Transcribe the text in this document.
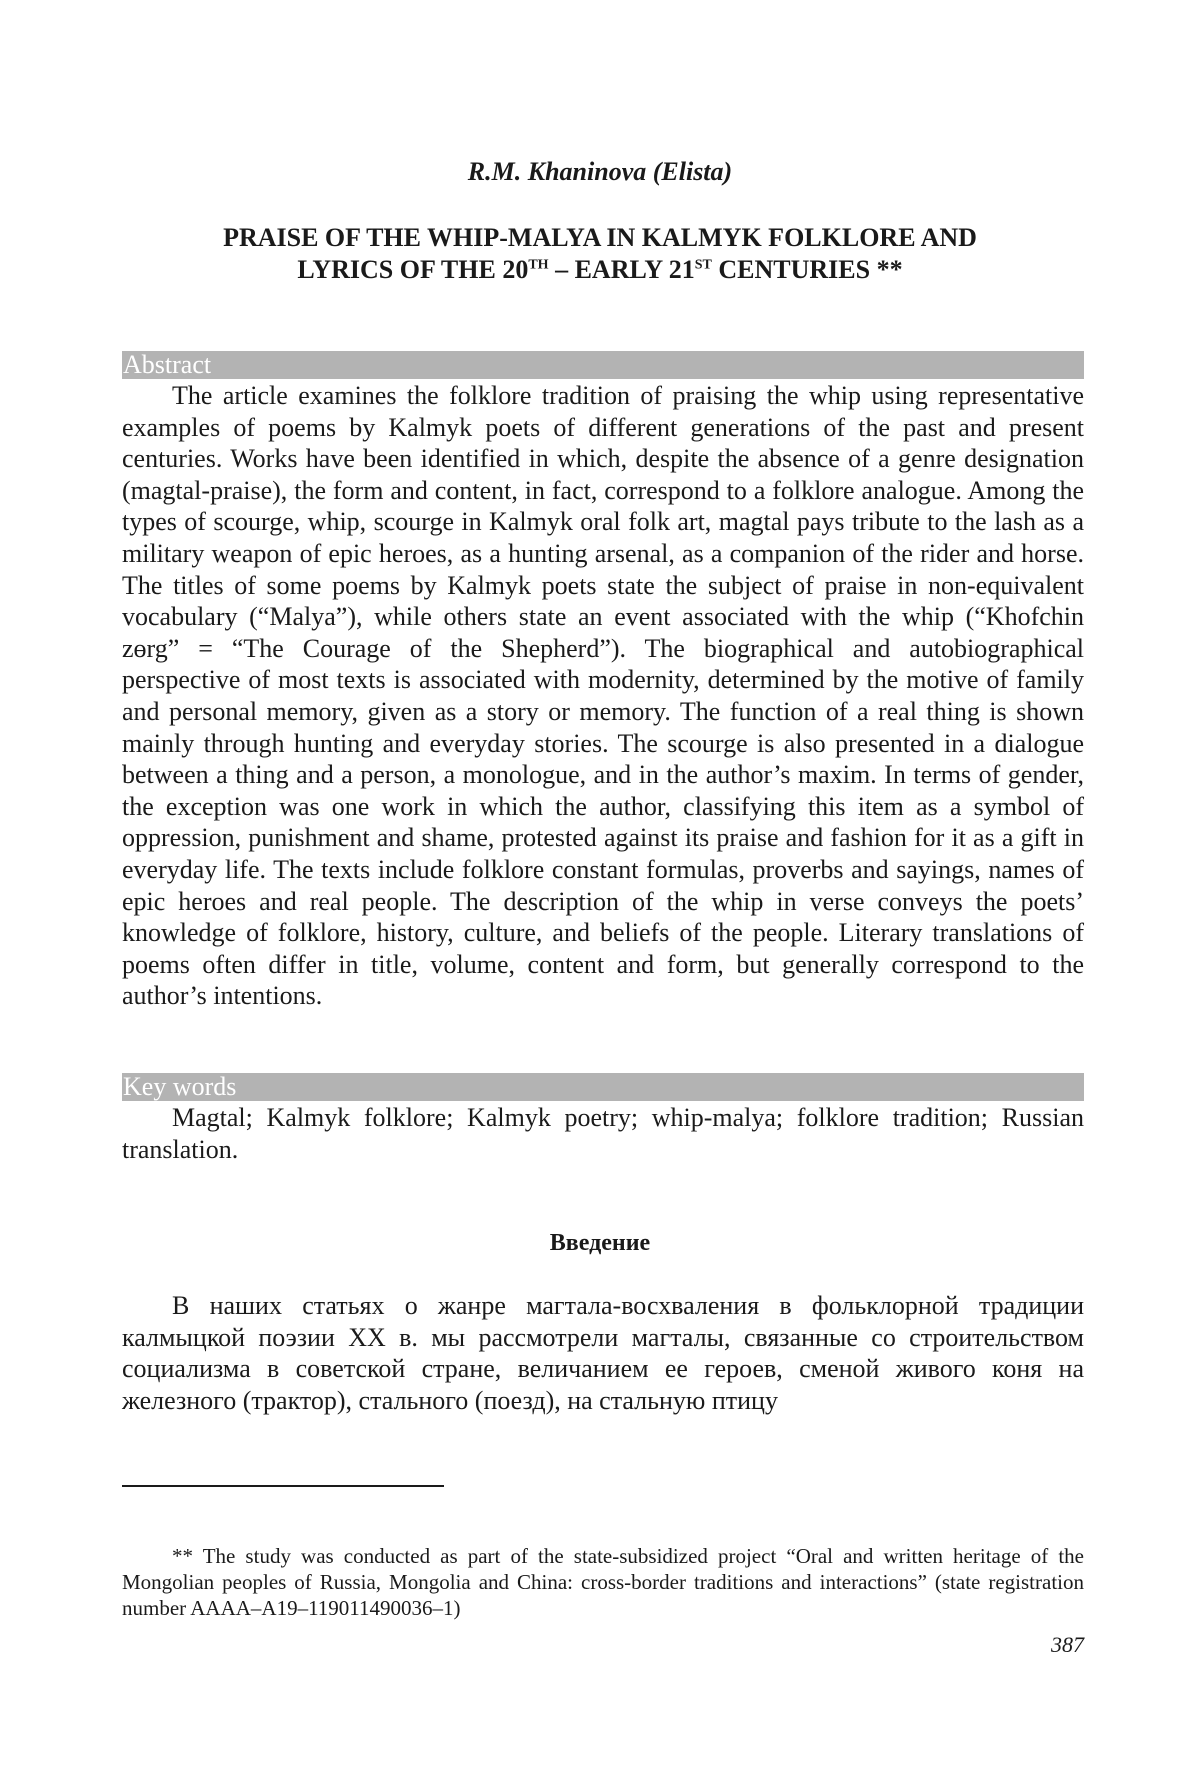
R.M. Khaninova (Elista)
PRAISE OF THE WHIP-MALYA IN KALMYK FOLKLORE AND
LYRICS OF THE 20TH – EARLY 21ST CENTURIES **
Abstract

The article examines the folklore tradition of praising the whip using representative examples of poems by Kalmyk poets of different generations of the past and present centuries. Works have been identified in which, despite the absence of a genre designation (magtal-praise), the form and content, in fact, correspond to a folklore analogue. Among the types of scourge, whip, scourge in Kalmyk oral folk art, magtal pays tribute to the lash as a military weapon of epic heroes, as a hunting arsenal, as a companion of the rider and horse. The titles of some poems by Kalmyk poets state the subject of praise in non-equivalent vocabulary (“Malya”), while others state an event associated with the whip (“Khofchin zɵrg” = “The Courage of the Shepherd”). The biographical and autobiographical perspective of most texts is associated with modernity, determined by the motive of family and personal memory, given as a story or memory. The function of a real thing is shown mainly through hunting and everyday stories. The scourge is also presented in a dialogue between a thing and a person, a monologue, and in the author’s maxim. In terms of gender, the exception was one work in which the author, classifying this item as a symbol of oppression, punishment and shame, protested against its praise and fashion for it as a gift in everyday life. The texts include folklore constant formulas, proverbs and sayings, names of epic heroes and real people. The description of the whip in verse conveys the poets’ knowledge of folklore, history, culture, and beliefs of the people. Literary translations of poems often differ in title, volume, content and form, but generally correspond to the author’s intentions.

Key words

Magtal; Kalmyk folklore; Kalmyk poetry; whip-malya; folklore tradition; Russian translation.

Введение

В наших статьях о жанре магтала-восхваления в фольклорной традиции калмыцкой поэзии XX в. мы рассмотрели магталы, связанные со строительством социализма в советской стране, величанием ее героев, сменой живого коня на железного (трактор), стального (поезд), на стальную птицу

** The study was conducted as part of the state-subsidized project “Oral and written heritage of the Mongolian peoples of Russia, Mongolia and China: cross-border traditions and interactions” (state registration number AAAA–A19–119011490036–1)

387
